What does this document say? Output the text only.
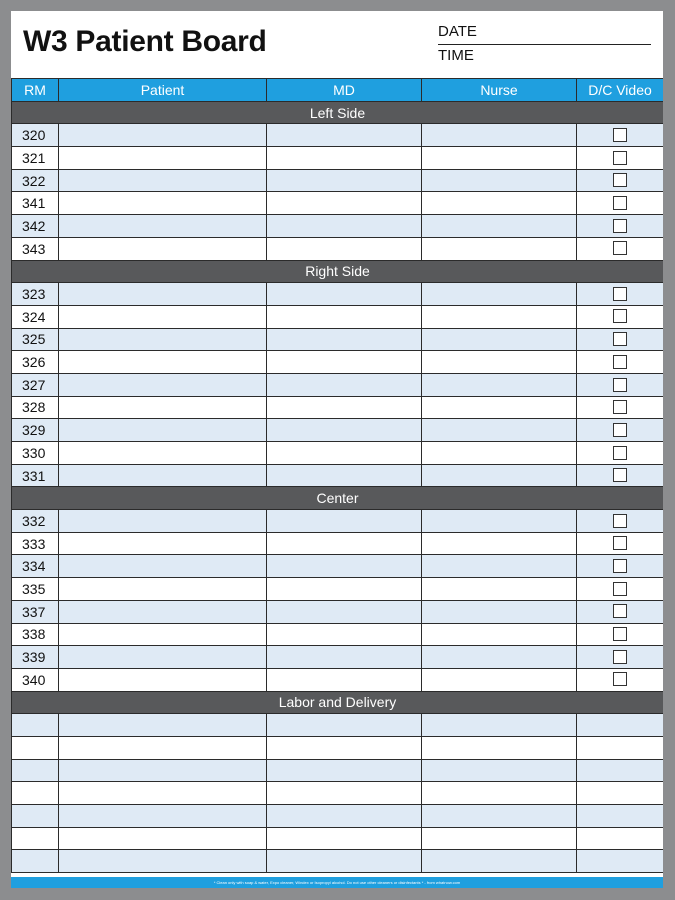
W3 Patient Board	DATE
TIME
RM	Patient	MD	Nurse	D/C Video
Left Side				
320				
321				
322				
341				
342				
343				
Right Side				
323				
324				
325				
326				
327				
328				
329				
330				
331				
Center				
332				
333				
334				
335				
337				
338				
339				
340				
Labor and Delivery				

* Clean only with soap & water, Expo cleaner, Windex or Isopropyl alcohol. Do not use other cleaners or disinfectants * - from whatnow.com
